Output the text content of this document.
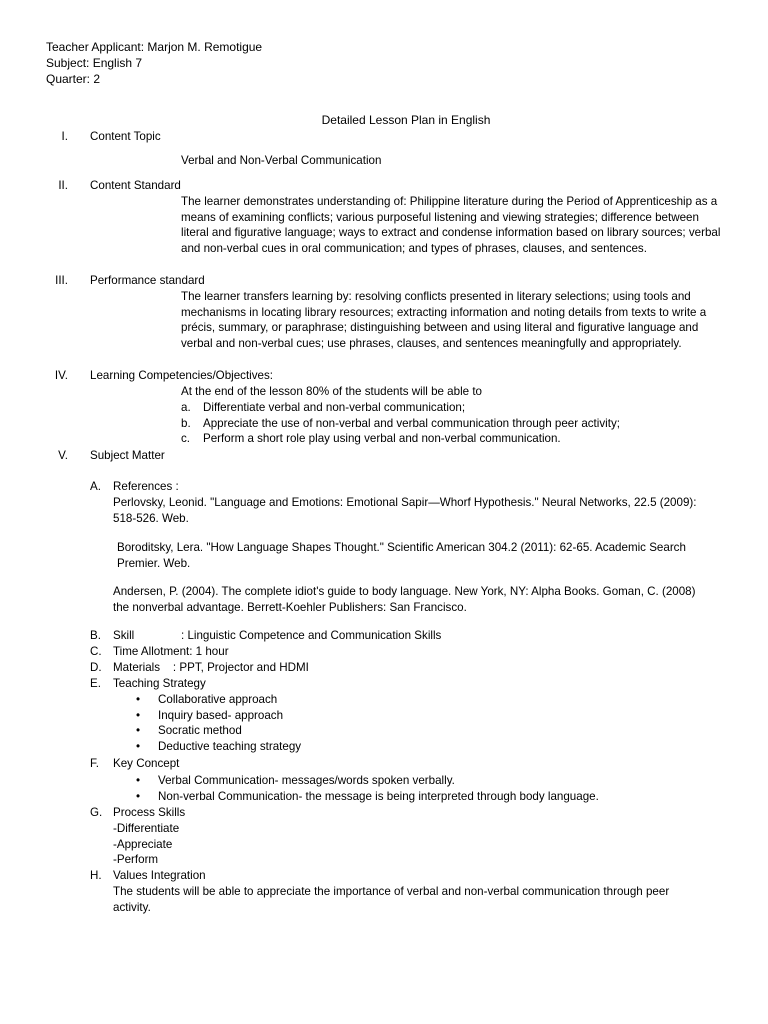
Teacher Applicant: Marjon M. Remotigue
Subject: English 7
Quarter: 2
Detailed Lesson Plan in English
I. Content Topic
Verbal and Non-Verbal Communication
II. Content Standard
The learner demonstrates understanding of: Philippine literature during the Period of Apprenticeship as a means of examining conflicts; various purposeful listening and viewing strategies; difference between literal and figurative language; ways to extract and condense information based on library sources; verbal and non-verbal cues in oral communication; and types of phrases, clauses, and sentences.
III. Performance standard
The learner transfers learning by: resolving conflicts presented in literary selections; using tools and mechanisms in locating library resources; extracting information and noting details from texts to write a précis, summary, or paraphrase; distinguishing between and using literal and figurative language and verbal and non-verbal cues; use phrases, clauses, and sentences meaningfully and appropriately.
IV. Learning Competencies/Objectives:
At the end of the lesson 80% of the students will be able to
a. Differentiate verbal and non-verbal communication;
b. Appreciate the use of non-verbal and verbal communication through peer activity;
c. Perform a short role play using verbal and non-verbal communication.
V. Subject Matter
A.	References :
Perlovsky, Leonid. "Language and Emotions: Emotional Sapir—Whorf Hypothesis." Neural Networks, 22.5 (2009): 518-526. Web.
Boroditsky, Lera. "How Language Shapes Thought." Scientific American 304.2 (2011): 62-65. Academic Search Premier. Web.
Andersen, P. (2004). The complete idiot's guide to body language. New York, NY: Alpha Books. Goman, C. (2008) the nonverbal advantage. Berrett-Koehler Publishers: San Francisco.
B.	Skill	: Linguistic Competence and Communication Skills
C. Time Allotment: 1 hour
D. Materials    : PPT, Projector and HDMI
E.	Teaching Strategy
• Collaborative approach
• Inquiry based- approach
• Socratic method
• Deductive teaching strategy
F.	Key Concept
• Verbal Communication- messages/words spoken verbally.
• Non-verbal Communication- the message is being interpreted through body language.
G. Process Skills
-Differentiate
-Appreciate
-Perform
H. Values Integration
The students will be able to appreciate the importance of verbal and non-verbal communication through peer activity.
